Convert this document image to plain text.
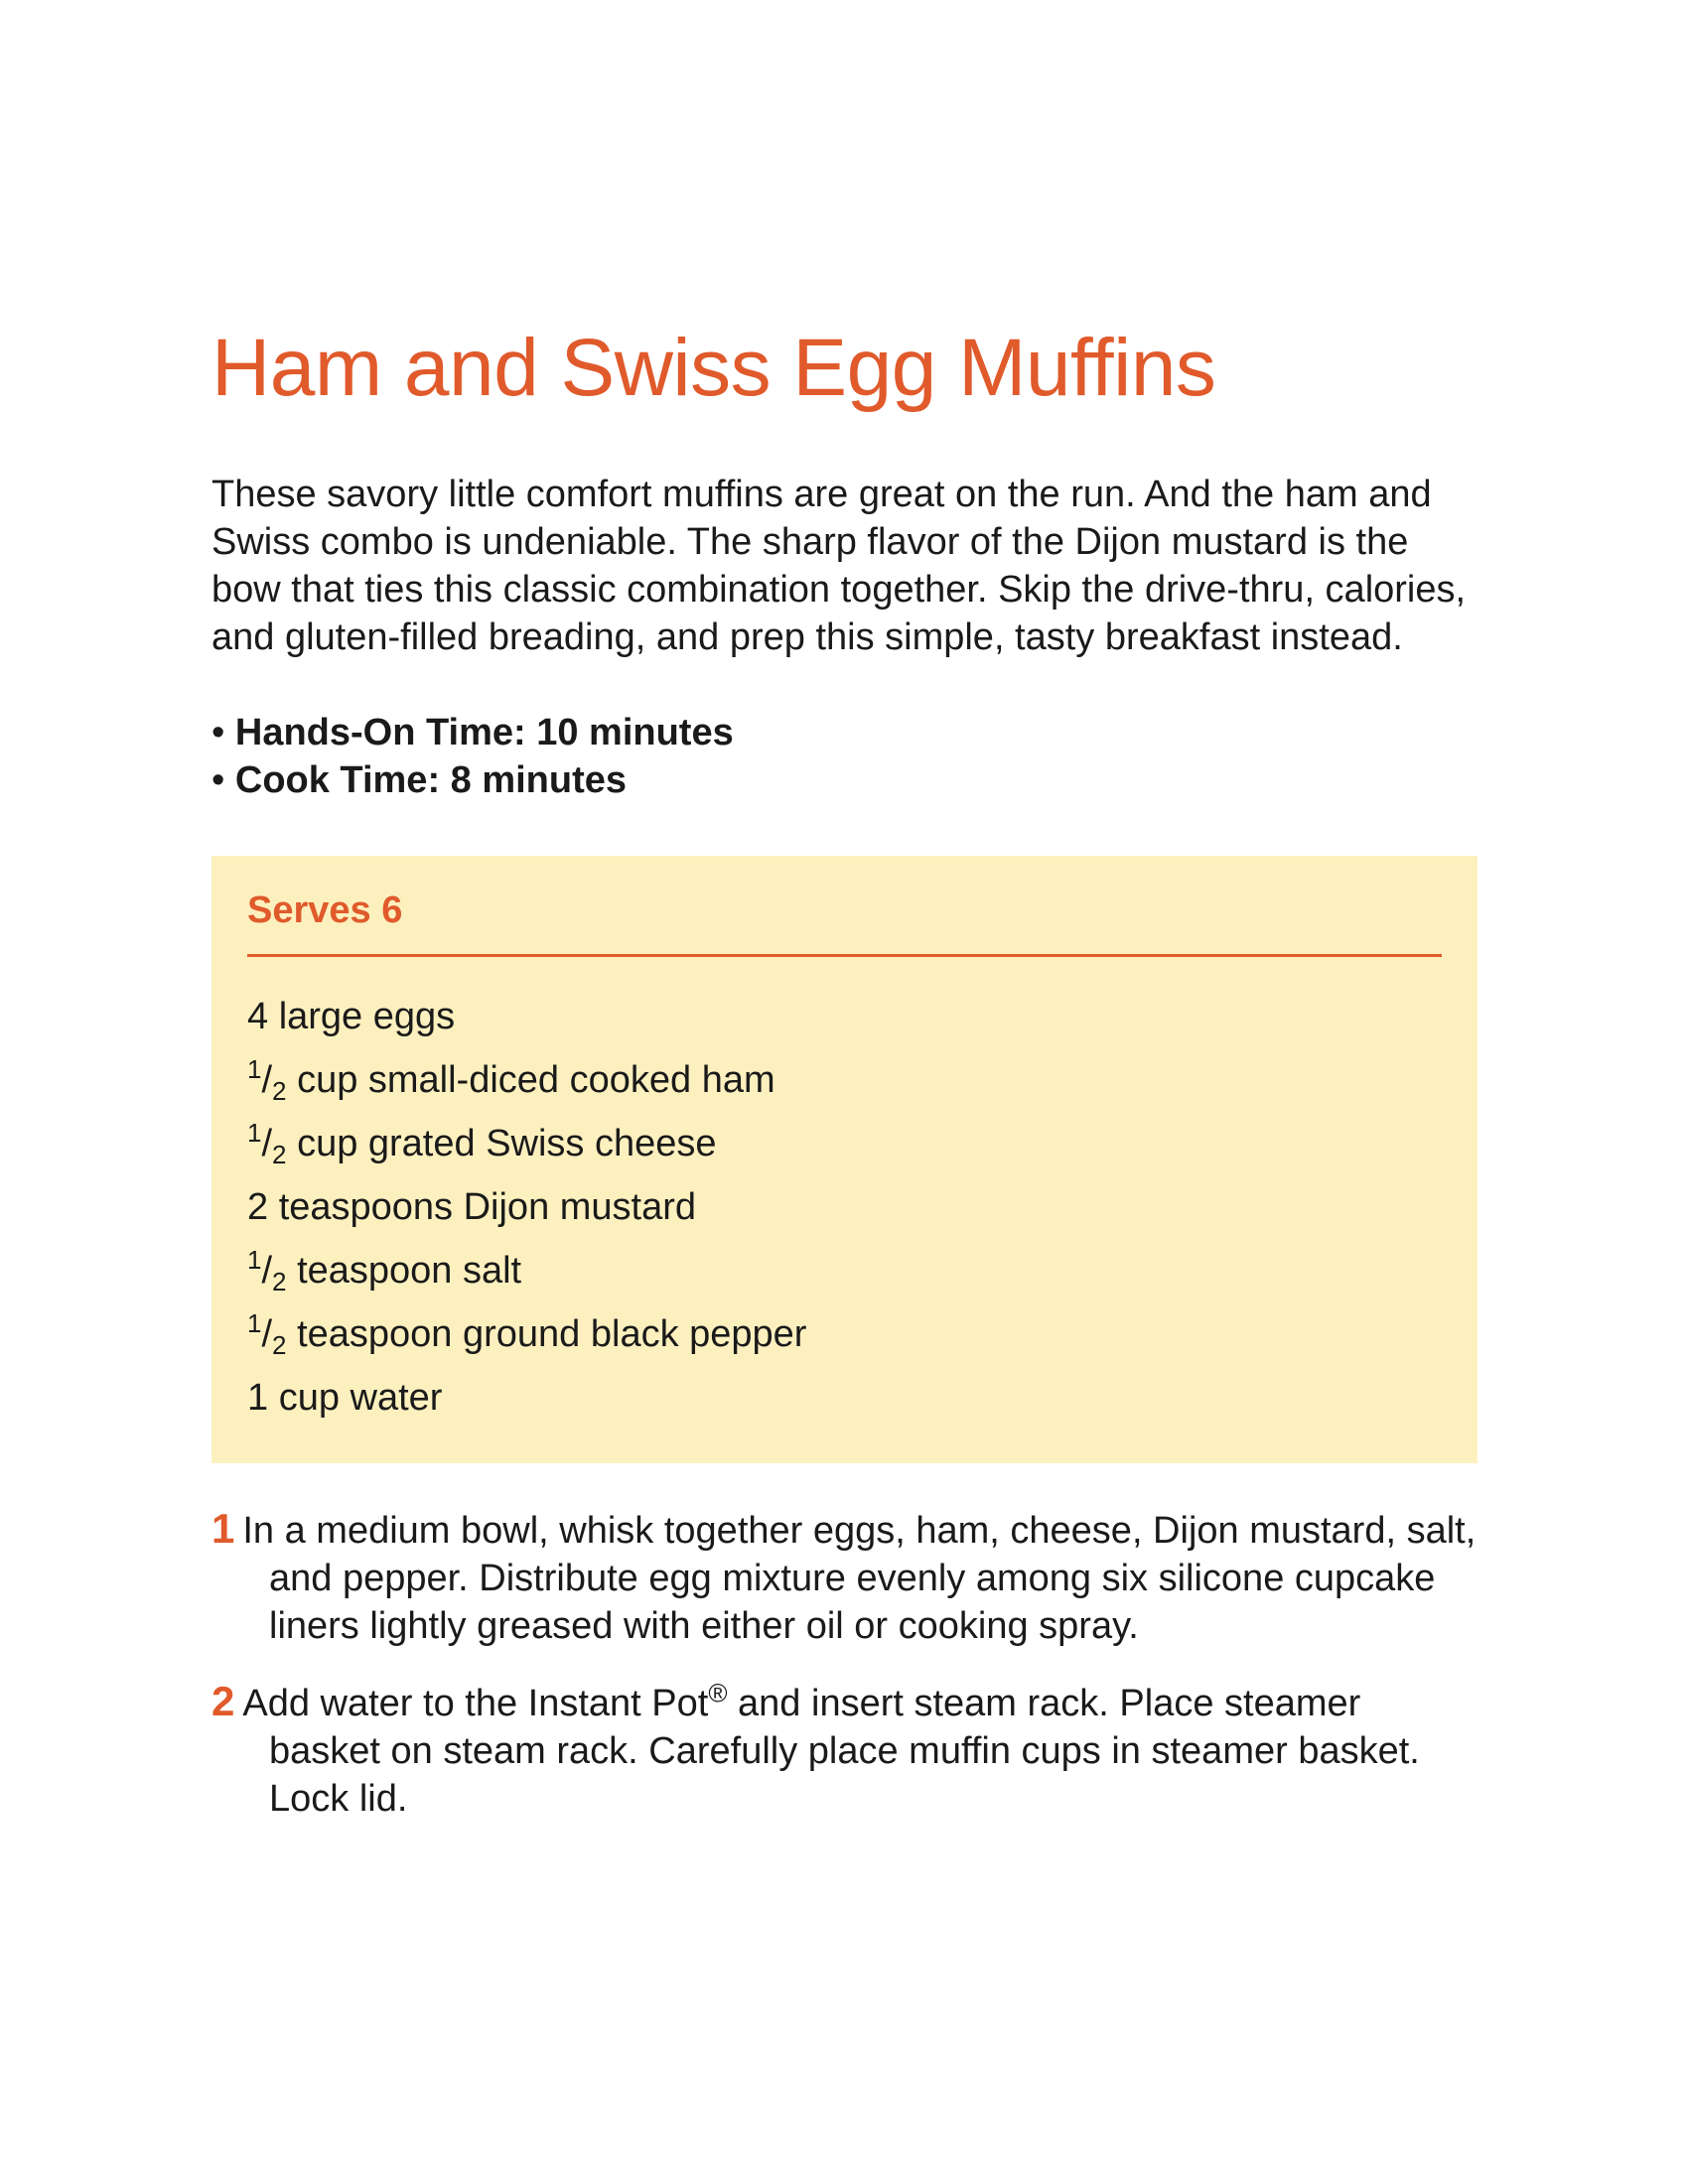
Ham and Swiss Egg Muffins

These savory little comfort muffins are great on the run. And the ham and Swiss combo is undeniable. The sharp flavor of the Dijon mustard is the bow that ties this classic combination together. Skip the drive-thru, calories, and gluten-filled breading, and prep this simple, tasty breakfast instead.

• Hands-On Time: 10 minutes
• Cook Time: 8 minutes
Serves 6
4 large eggs
$^1/_2$ cup small-diced cooked ham
$^1/_2$ cup grated Swiss cheese
2 teaspoons Dijon mustard
$^1/_2$ teaspoon salt
$^1/_2$ teaspoon ground black pepper
1 cup water
1 In a medium bowl, whisk together eggs, ham, cheese, Dijon mustard, salt, and pepper. Distribute egg mixture evenly among six silicone cupcake liners lightly greased with either oil or cooking spray.
2 Add water to the Instant Pot® and insert steam rack. Place steamer basket on steam rack. Carefully place muffin cups in steamer basket. Lock lid.
